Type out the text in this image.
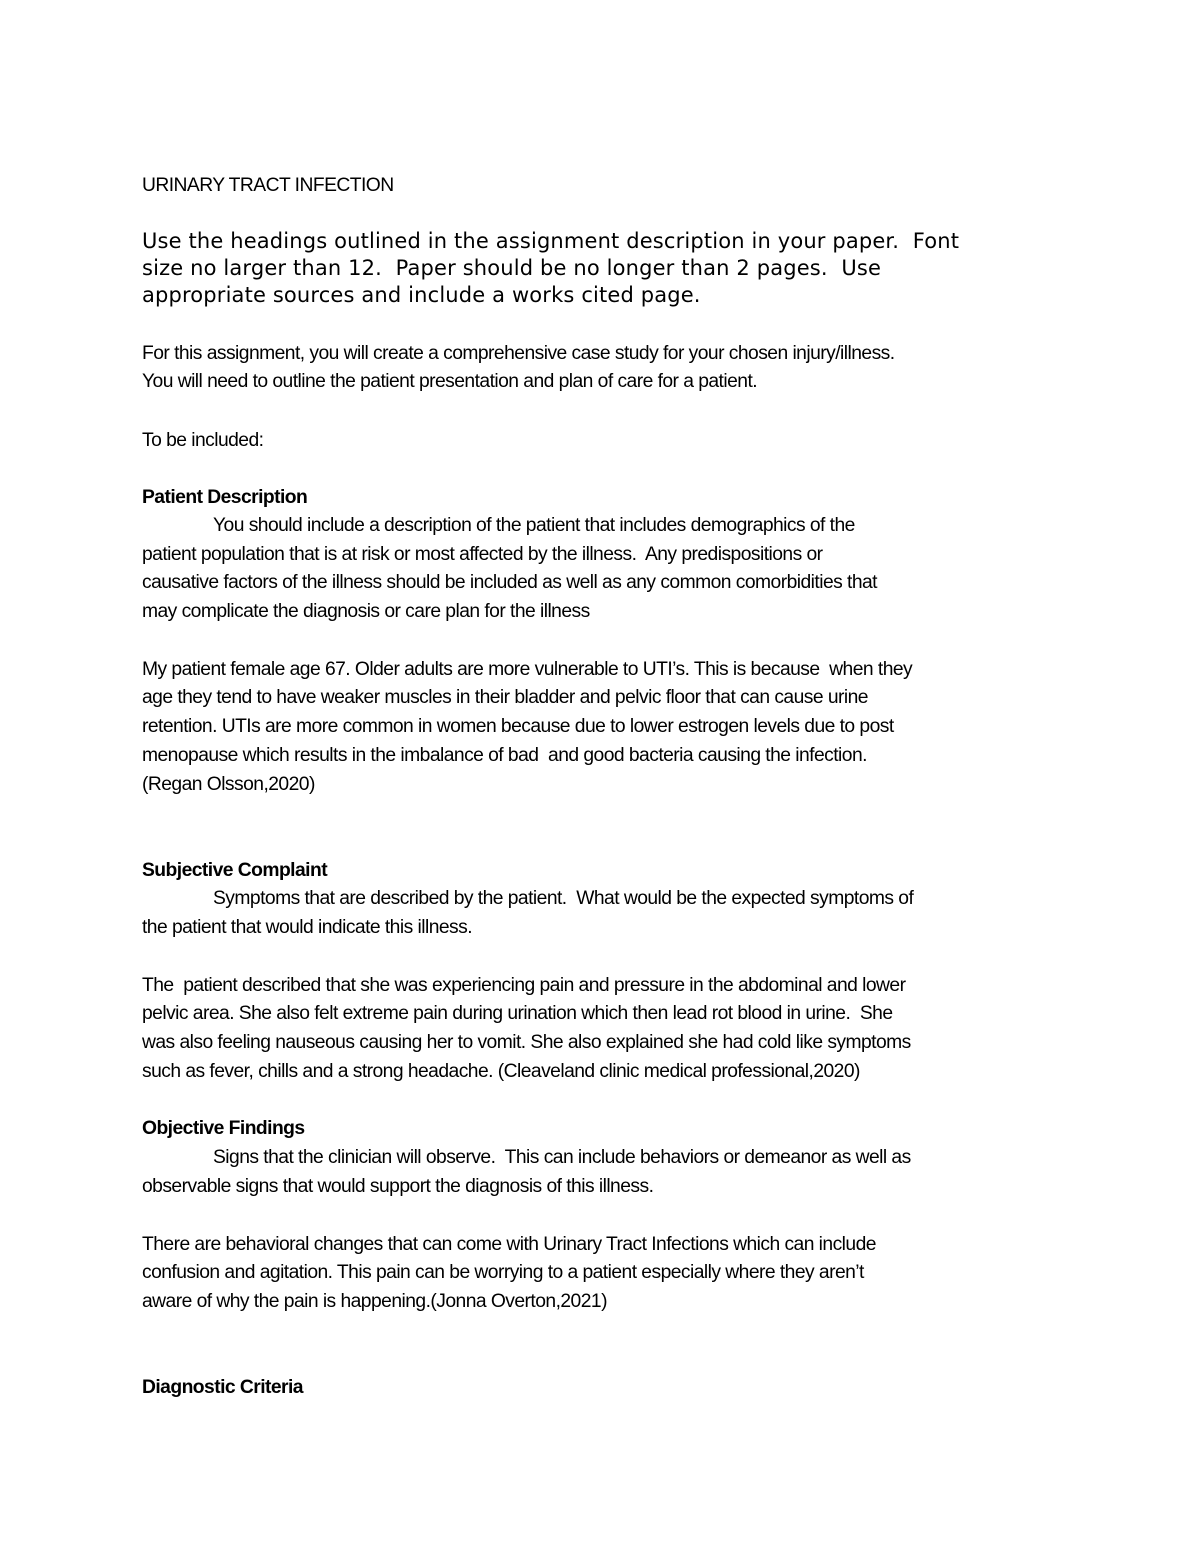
URINARY TRACT INFECTION
Use the headings outlined in the assignment description in your paper.  Font
size no larger than 12.  Paper should be no longer than 2 pages.  Use
appropriate sources and include a works cited page.
For this assignment, you will create a comprehensive case study for your chosen injury/illness.
You will need to outline the patient presentation and plan of care for a patient.
To be included:
Patient Description
You should include a description of the patient that includes demographics of the
patient population that is at risk or most affected by the illness.  Any predispositions or
causative factors of the illness should be included as well as any common comorbidities that
may complicate the diagnosis or care plan for the illness
My patient female age 67. Older adults are more vulnerable to UTI’s. This is because  when they
age they tend to have weaker muscles in their bladder and pelvic floor that can cause urine
retention. UTIs are more common in women because due to lower estrogen levels due to post
menopause which results in the imbalance of bad  and good bacteria causing the infection.
(Regan Olsson,2020)
Subjective Complaint
Symptoms that are described by the patient.  What would be the expected symptoms of
the patient that would indicate this illness.
The  patient described that she was experiencing pain and pressure in the abdominal and lower
pelvic area. She also felt extreme pain during urination which then lead rot blood in urine.  She
was also feeling nauseous causing her to vomit. She also explained she had cold like symptoms
such as fever, chills and a strong headache. (Cleaveland clinic medical professional,2020)
Objective Findings
Signs that the clinician will observe.  This can include behaviors or demeanor as well as
observable signs that would support the diagnosis of this illness.
There are behavioral changes that can come with Urinary Tract Infections which can include
confusion and agitation. This pain can be worrying to a patient especially where they aren’t
aware of why the pain is happening.(Jonna Overton,2021)
Diagnostic Criteria
